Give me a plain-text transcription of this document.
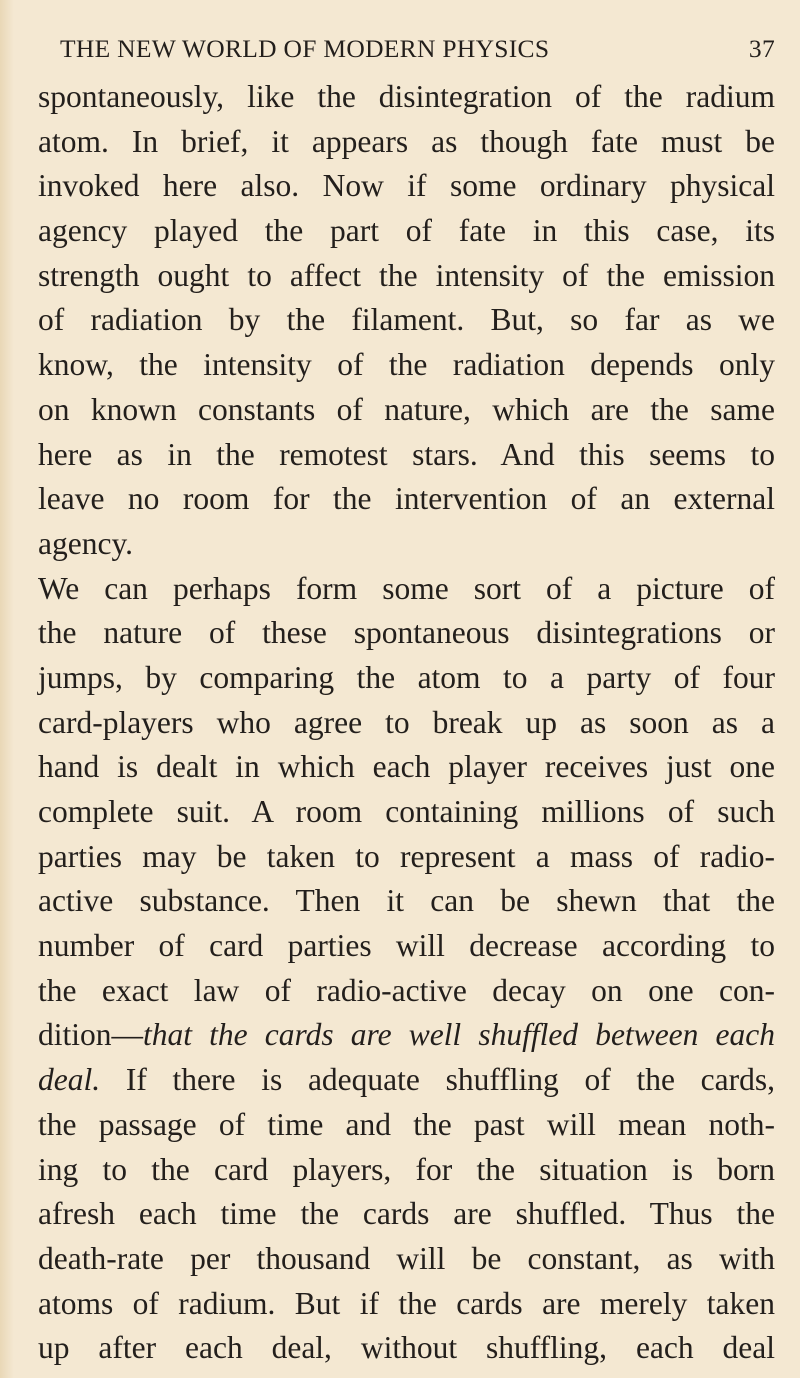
THE NEW WORLD OF MODERN PHYSICS	37
spontaneously, like the disintegration of the radium
atom. In brief, it appears as though fate must be
invoked here also. Now if some ordinary physical
agency played the part of fate in this case, its
strength ought to affect the intensity of the emission
of radiation by the filament. But, so far as we
know, the intensity of the radiation depends only
on known constants of nature, which are the same
here as in the remotest stars. And this seems to
leave no room for the intervention of an external
agency.
We can perhaps form some sort of a picture of
the nature of these spontaneous disintegrations or
jumps, by comparing the atom to a party of four
card-players who agree to break up as soon as a
hand is dealt in which each player receives just one
complete suit. A room containing millions of such
parties may be taken to represent a mass of radio-
active substance. Then it can be shewn that the
number of card parties will decrease according to
the exact law of radio-active decay on one con-
dition—that the cards are well shuffled between each
deal. If there is adequate shuffling of the cards,
the passage of time and the past will mean noth-
ing to the card players, for the situation is born
afresh each time the cards are shuffled. Thus the
death-rate per thousand will be constant, as with
atoms of radium. But if the cards are merely taken
up after each deal, without shuffling, each deal
